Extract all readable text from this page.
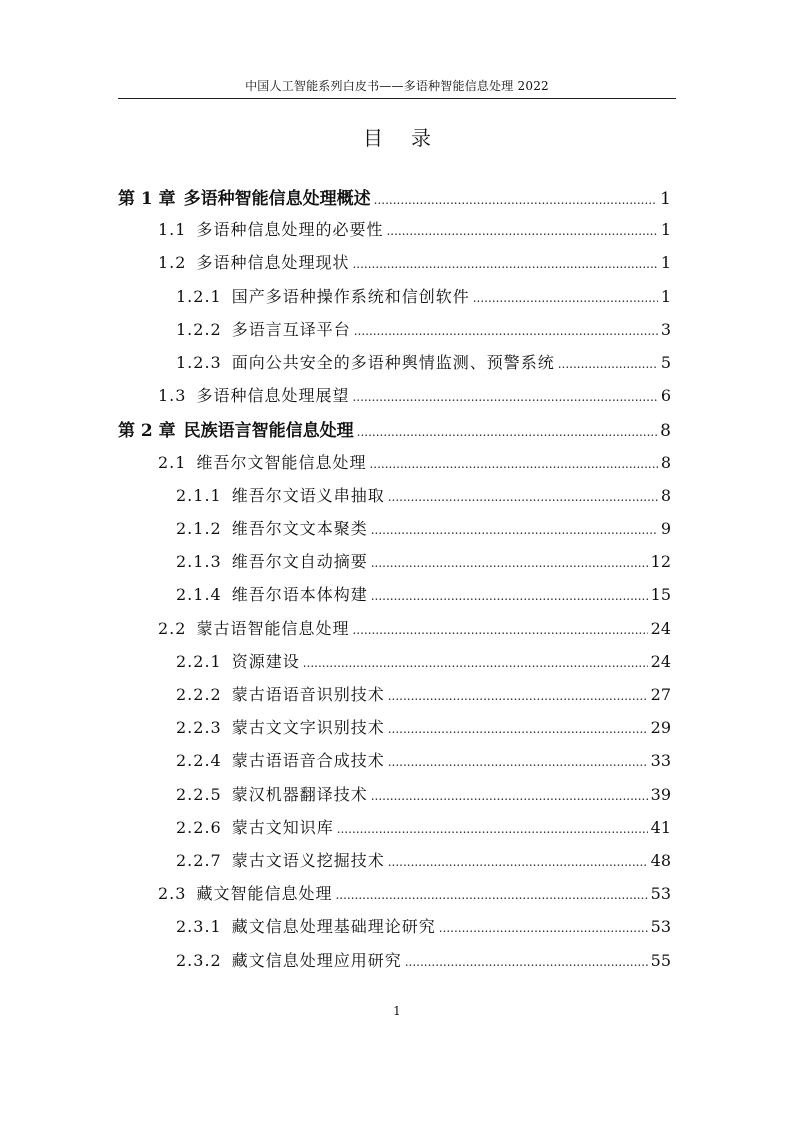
中国人工智能系列白皮书——多语种智能信息处理 2022
目录
第 1 章 多语种智能信息处理概述 .....	1
1.1 多语种信息处理的必要性 .....	1
1.2 多语种信息处理现状 .....	1
1.2.1 国产多语种操作系统和信创软件 .....	1
1.2.2 多语言互译平台 .....	3
1.2.3 面向公共安全的多语种舆情监测、预警系统 .....	5
1.3 多语种信息处理展望 .....	6
第 2 章 民族语言智能信息处理 .....	8
2.1 维吾尔文智能信息处理 .....	8
2.1.1 维吾尔文语义串抽取 .....	8
2.1.2 维吾尔文文本聚类 .....	9
2.1.3 维吾尔文自动摘要 .....	12
2.1.4 维吾尔语本体构建 .....	15
2.2 蒙古语智能信息处理 .....	24
2.2.1 资源建设 .....	24
2.2.2 蒙古语语音识别技术 .....	27
2.2.3 蒙古文文字识别技术 .....	29
2.2.4 蒙古语语音合成技术 .....	33
2.2.5 蒙汉机器翻译技术 .....	39
2.2.6 蒙古文知识库 .....	41
2.2.7 蒙古文语义挖掘技术 .....	48
2.3 藏文智能信息处理 .....	53
2.3.1 藏文信息处理基础理论研究 .....	53
2.3.2 藏文信息处理应用研究 .....	55
1
